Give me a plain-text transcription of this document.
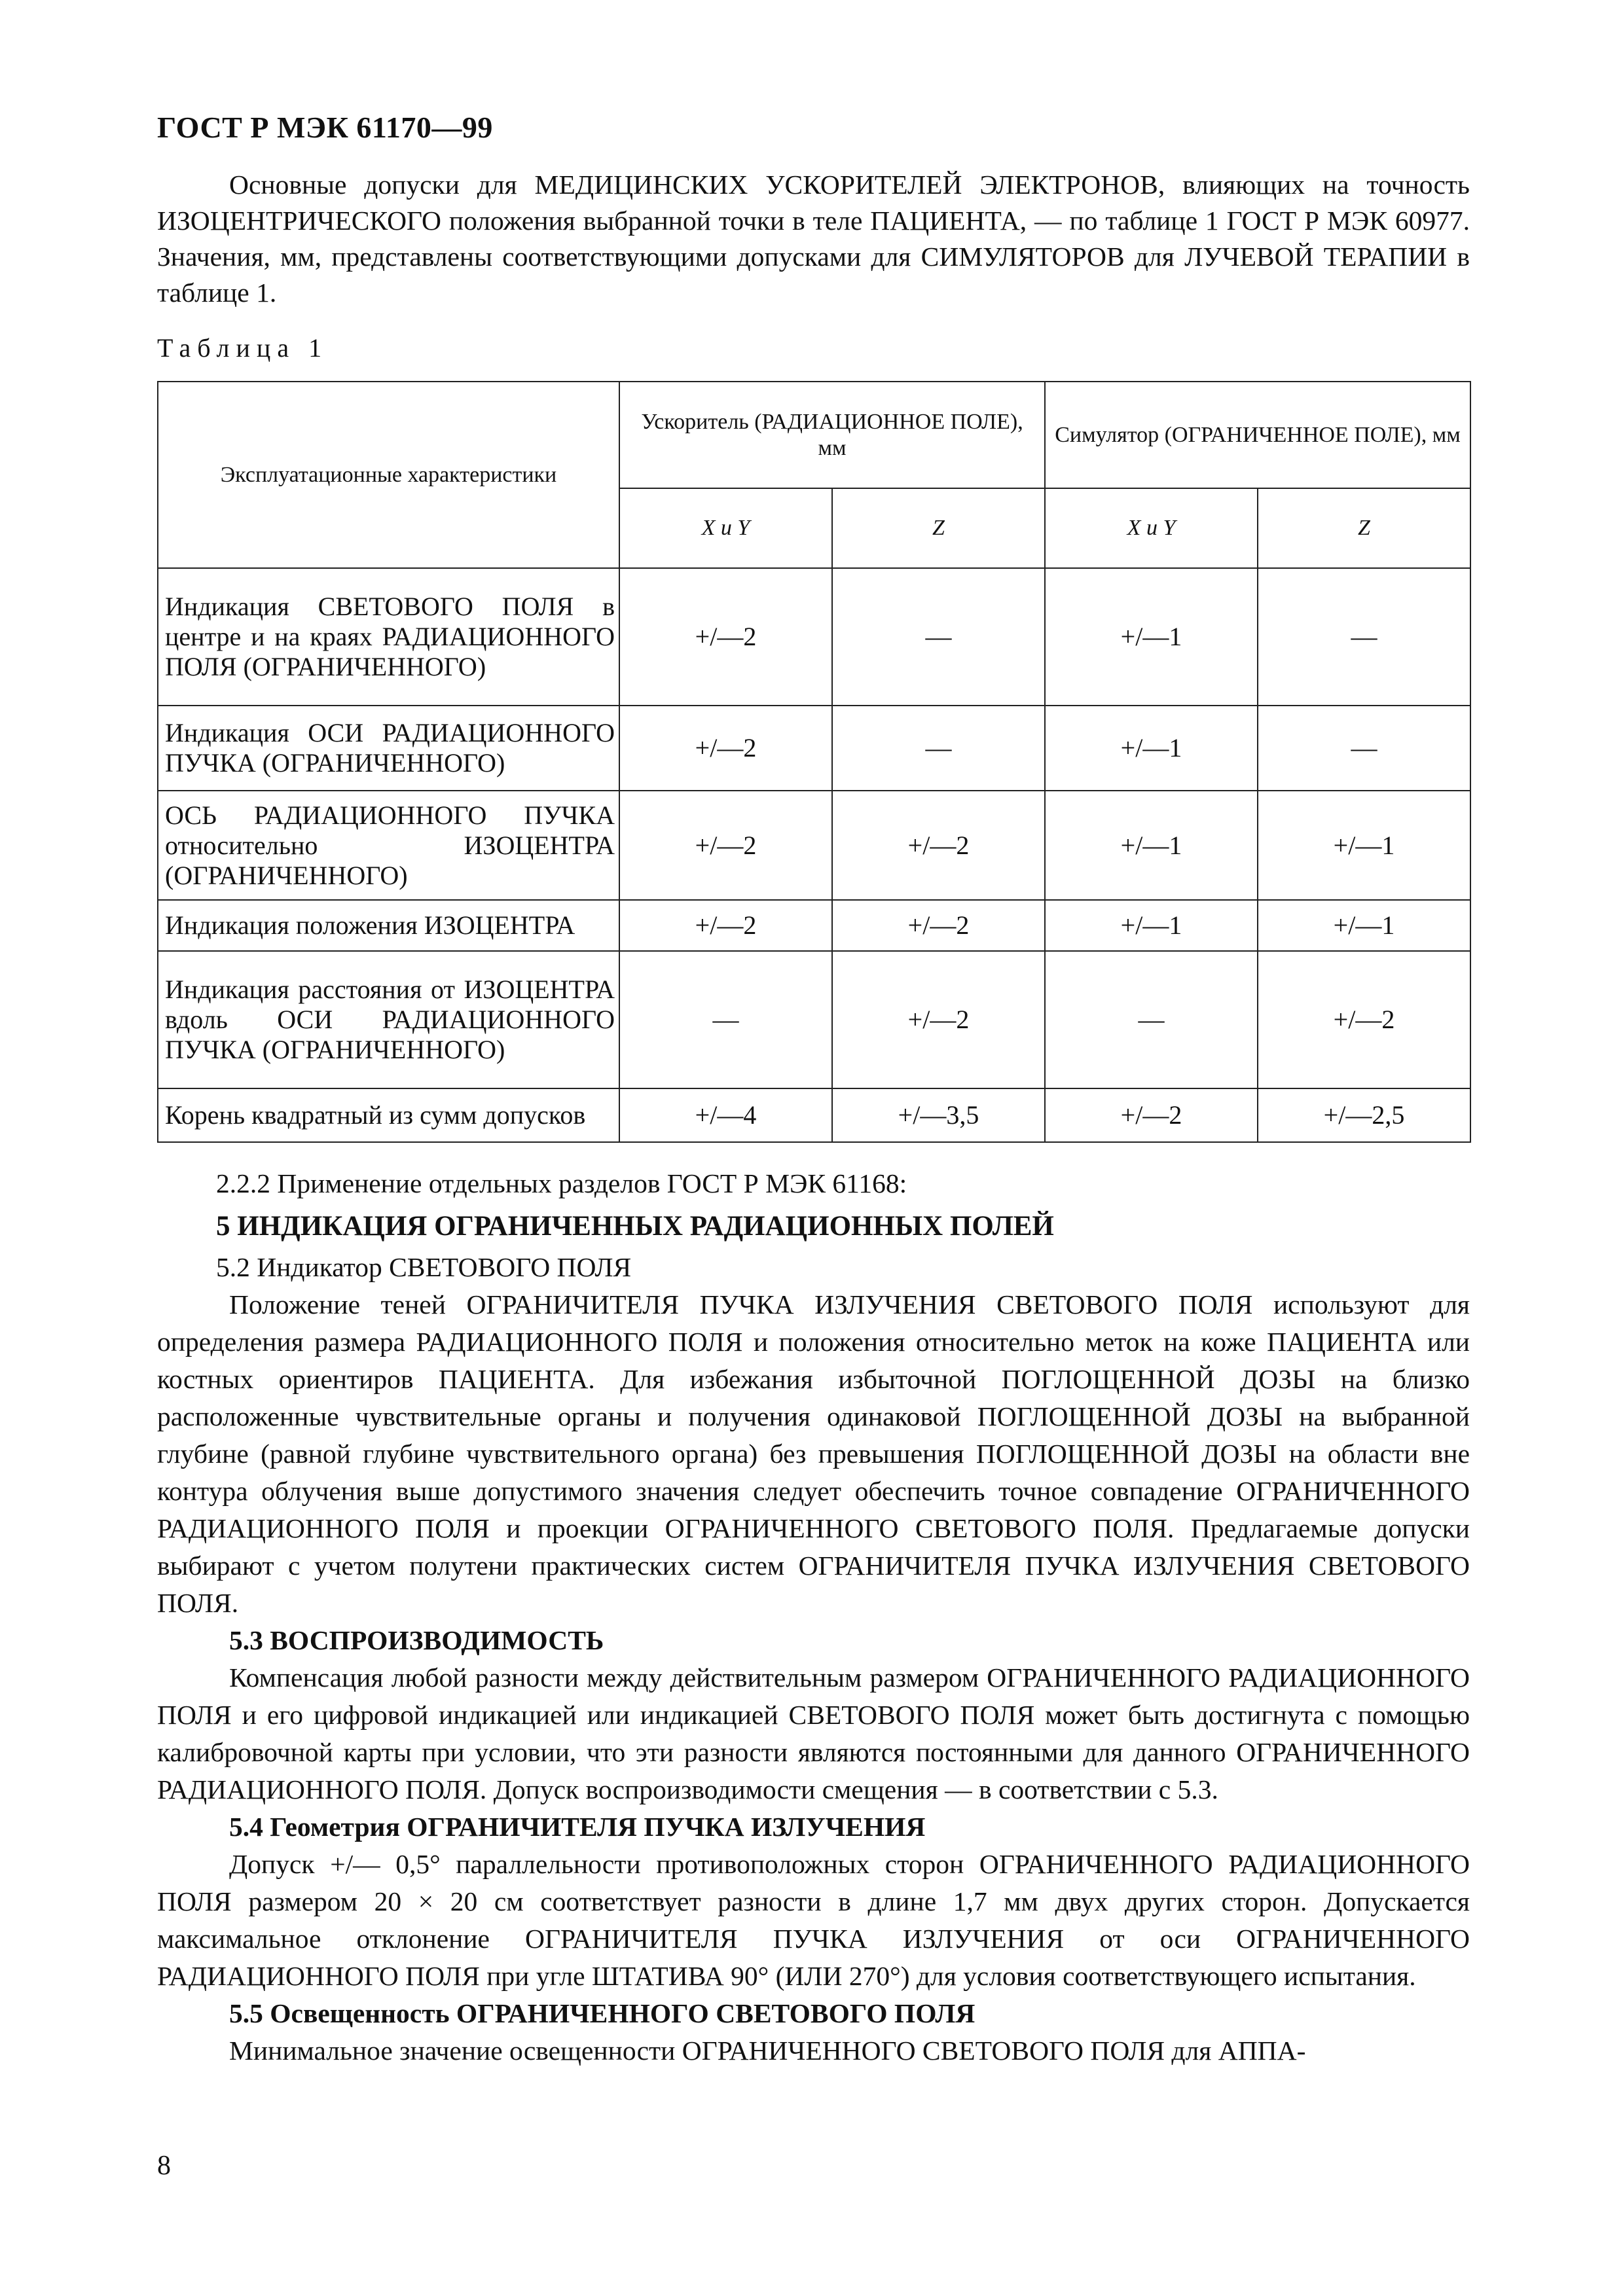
ГОСТ Р МЭК 61170—99

Основные допуски для МЕДИЦИНСКИХ УСКОРИТЕЛЕЙ ЭЛЕКТРОНОВ, влияющих на точность ИЗОЦЕНТРИЧЕСКОГО положения выбранной точки в теле ПАЦИЕНТА, — по таблице 1 ГОСТ Р МЭК 60977. Значения, мм, представлены соответствующими допусками для СИМУЛЯТОРОВ для ЛУЧЕВОЙ ТЕРАПИИ в таблице 1.

Таблица 1
Эксплуатационные характеристики	Ускоритель (РАДИАЦИОННОЕ ПОЛЕ), мм		Симулятор (ОГРАНИЧЕННОЕ ПОЛЕ), мм	
	X и Y	Z	X и Y	Z
Индикация СВЕТОВОГО ПОЛЯ в центре и на краях РАДИАЦИОННОГО ПОЛЯ (ОГРАНИЧЕННОГО)	+/—2	—	+/—1	—
Индикация ОСИ РАДИАЦИОННОГО ПУЧКА (ОГРАНИЧЕННОГО)	+/—2	—	+/—1	—
ОСЬ РАДИАЦИОННОГО ПУЧКА относительно ИЗОЦЕНТРА (ОГРАНИЧЕННОГО)	+/—2	+/—2	+/—1	+/—1
Индикация положения ИЗОЦЕНТРА	+/—2	+/—2	+/—1	+/—1
Индикация расстояния от ИЗОЦЕНТРА вдоль ОСИ РАДИАЦИОННОГО ПУЧКА (ОГРАНИЧЕННОГО)	—	+/—2	—	+/—2
Корень квадратный из сумм допусков	+/—4	+/—3,5	+/—2	+/—2,5

2.2.2 Применение отдельных разделов ГОСТ Р МЭК 61168:

5 ИНДИКАЦИЯ ОГРАНИЧЕННЫХ РАДИАЦИОННЫХ ПОЛЕЙ

5.2 Индикатор СВЕТОВОГО ПОЛЯ

Положение теней ОГРАНИЧИТЕЛЯ ПУЧКА ИЗЛУЧЕНИЯ СВЕТОВОГО ПОЛЯ используют для определения размера РАДИАЦИОННОГО ПОЛЯ и положения относительно меток на коже ПАЦИЕНТА или костных ориентиров ПАЦИЕНТА. Для избежания избыточной ПОГЛОЩЕННОЙ ДОЗЫ на близко расположенные чувствительные органы и получения одинаковой ПОГЛОЩЕННОЙ ДОЗЫ на выбранной глубине (равной глубине чувствительного органа) без превышения ПОГЛОЩЕННОЙ ДОЗЫ на области вне контура облучения выше допустимого значения следует обеспечить точное совпадение ОГРАНИЧЕННОГО РАДИАЦИОННОГО ПОЛЯ и проекции ОГРАНИЧЕННОГО СВЕТОВОГО ПОЛЯ. Предлагаемые допуски выбирают с учетом полутени практических систем ОГРАНИЧИТЕЛЯ ПУЧКА ИЗЛУЧЕНИЯ СВЕТОВОГО ПОЛЯ.

5.3 ВОСПРОИЗВОДИМОСТЬ

Компенсация любой разности между действительным размером ОГРАНИЧЕННОГО РАДИАЦИОННОГО ПОЛЯ и его цифровой индикацией или индикацией СВЕТОВОГО ПОЛЯ может быть достигнута с помощью калибровочной карты при условии, что эти разности являются постоянными для данного ОГРАНИЧЕННОГО РАДИАЦИОННОГО ПОЛЯ. Допуск воспроизводимости смещения — в соответствии с 5.3.

5.4 Геометрия ОГРАНИЧИТЕЛЯ ПУЧКА ИЗЛУЧЕНИЯ

Допуск +/— 0,5° параллельности противоположных сторон ОГРАНИЧЕННОГО РАДИАЦИОННОГО ПОЛЯ размером 20 × 20 см соответствует разности в длине 1,7 мм двух других сторон. Допускается максимальное отклонение ОГРАНИЧИТЕЛЯ ПУЧКА ИЗЛУЧЕНИЯ от оси ОГРАНИЧЕННОГО РАДИАЦИОННОГО ПОЛЯ при угле ШТАТИВА 90° (ИЛИ 270°) для условия соответствующего испытания.

5.5 Освещенность ОГРАНИЧЕННОГО СВЕТОВОГО ПОЛЯ

Минимальное значение освещенности ОГРАНИЧЕННОГО СВЕТОВОГО ПОЛЯ для АППА-

8
